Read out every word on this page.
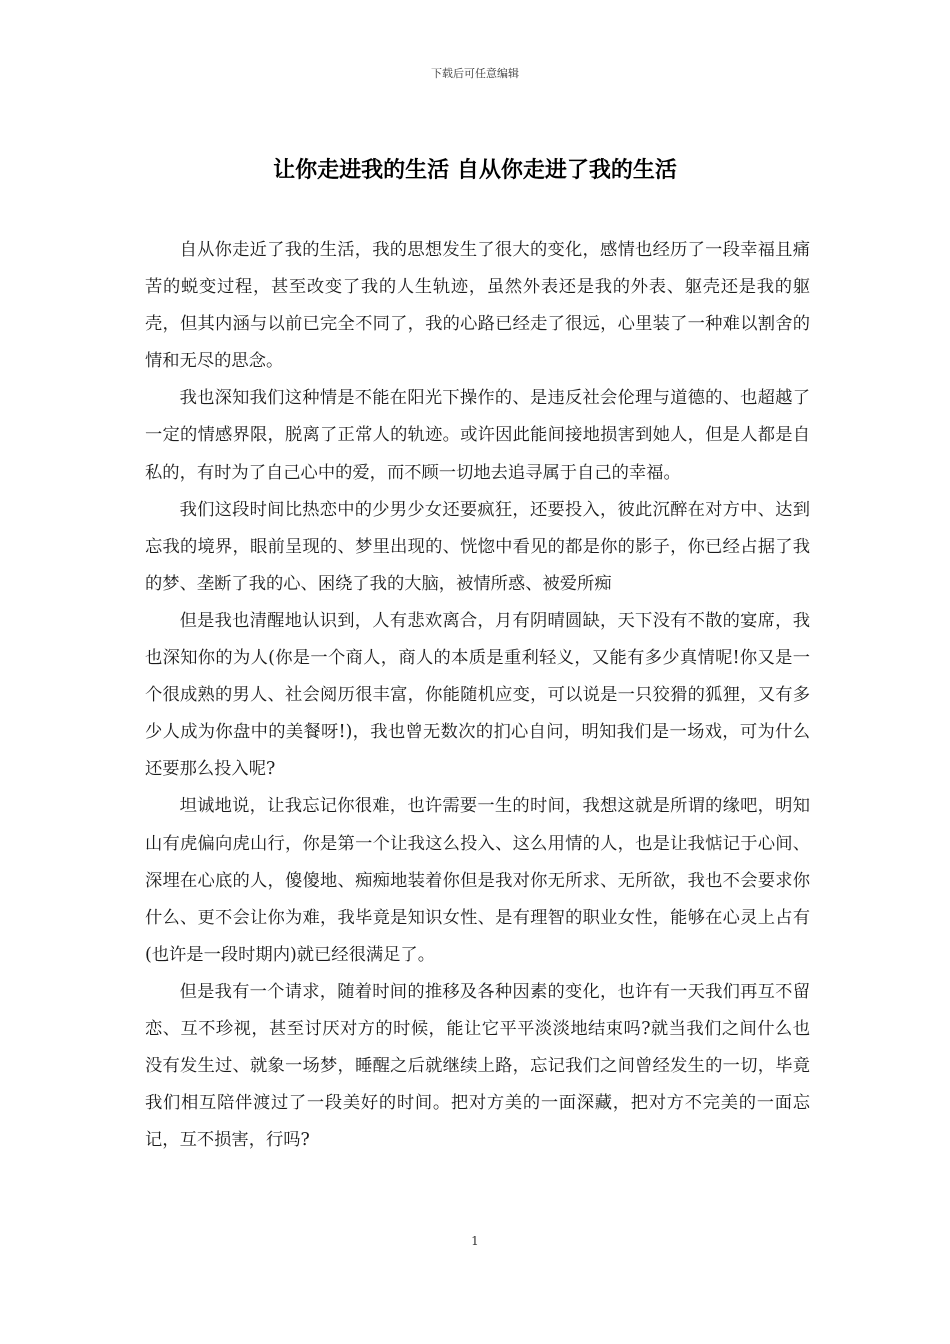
下载后可任意编辑
让你走进我的生活 自从你走进了我的生活

自从你走近了我的生活，我的思想发生了很大的变化，感情也经历了一段幸福且痛苦的蜕变过程，甚至改变了我的人生轨迹，虽然外表还是我的外表、躯壳还是我的躯壳，但其内涵与以前已完全不同了，我的心路已经走了很远，心里装了一种难以割舍的情和无尽的思念。

我也深知我们这种情是不能在阳光下操作的、是违反社会伦理与道德的、也超越了一定的情感界限，脱离了正常人的轨迹。或许因此能间接地损害到她人，但是人都是自私的，有时为了自己心中的爱，而不顾一切地去追寻属于自己的幸福。

我们这段时间比热恋中的少男少女还要疯狂，还要投入，彼此沉醉在对方中、达到忘我的境界，眼前呈现的、梦里出现的、恍惚中看见的都是你的影子，你已经占据了我的梦、垄断了我的心、困绕了我的大脑，被情所惑、被爱所痴

但是我也清醒地认识到，人有悲欢离合，月有阴晴圆缺，天下没有不散的宴席，我也深知你的为人(你是一个商人，商人的本质是重利轻义，又能有多少真情呢!你又是一个很成熟的男人、社会阅历很丰富，你能随机应变，可以说是一只狡猾的狐狸，又有多少人成为你盘中的美餐呀!)，我也曾无数次的扪心自问，明知我们是一场戏，可为什么还要那么投入呢?

坦诚地说，让我忘记你很难，也许需要一生的时间，我想这就是所谓的缘吧，明知山有虎偏向虎山行，你是第一个让我这么投入、这么用情的人，也是让我惦记于心间、深埋在心底的人，傻傻地、痴痴地装着你但是我对你无所求、无所欲，我也不会要求你什么、更不会让你为难，我毕竟是知识女性、是有理智的职业女性，能够在心灵上占有(也许是一段时期内)就已经很满足了。

但是我有一个请求，随着时间的推移及各种因素的变化，也许有一天我们再互不留恋、互不珍视，甚至讨厌对方的时候，能让它平平淡淡地结束吗?就当我们之间什么也没有发生过、就象一场梦，睡醒之后就继续上路，忘记我们之间曾经发生的一切，毕竟我们相互陪伴渡过了一段美好的时间。把对方美的一面深藏，把对方不完美的一面忘记，互不损害，行吗?

1
